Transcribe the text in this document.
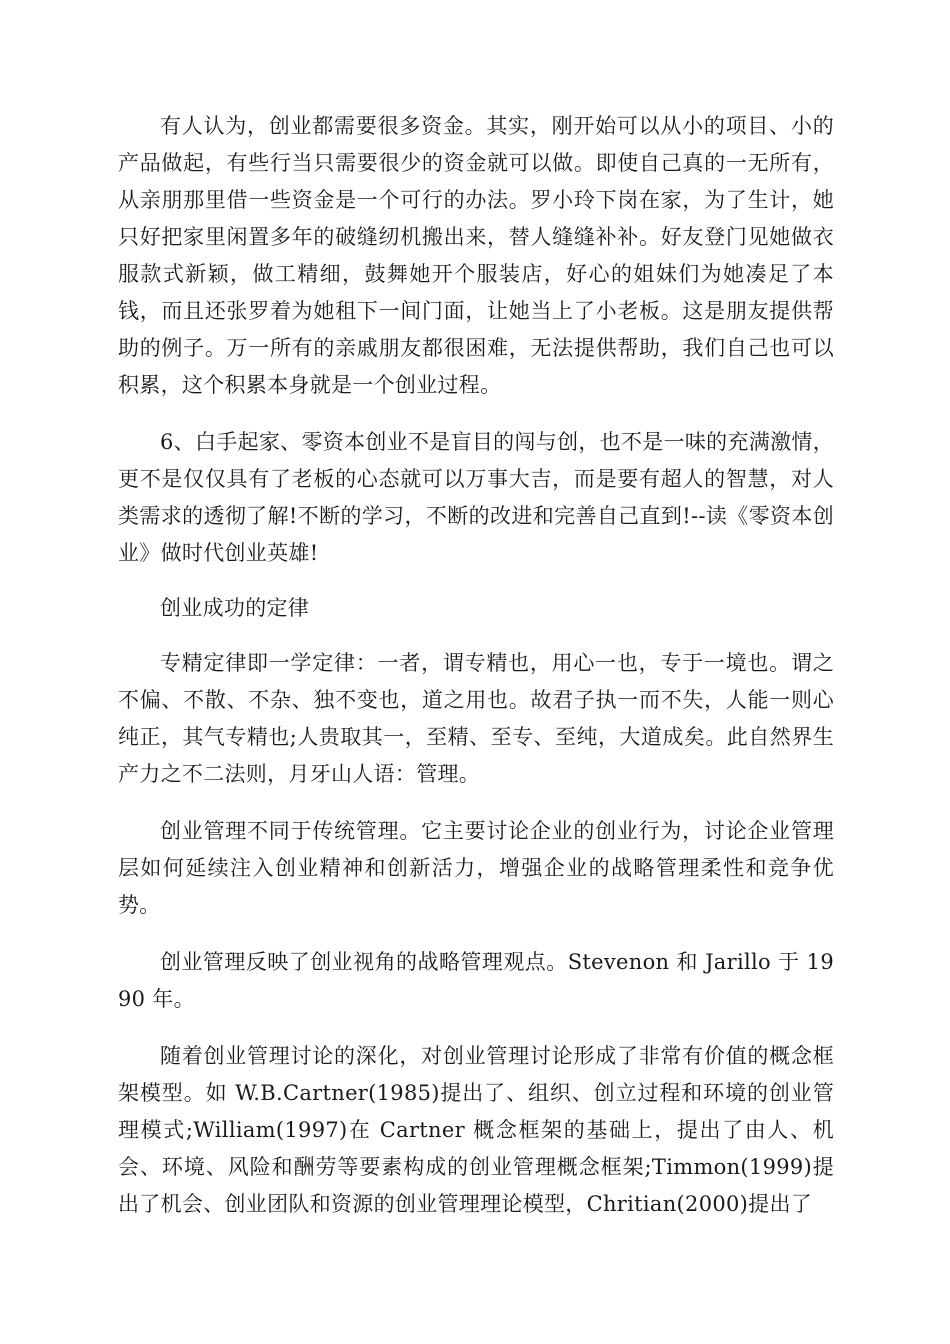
有人认为，创业都需要很多资金。其实，刚开始可以从小的项目、小的产品做起，有些行当只需要很少的资金就可以做。即使自己真的一无所有，从亲朋那里借一些资金是一个可行的办法。罗小玲下岗在家，为了生计，她只好把家里闲置多年的破缝纫机搬出来，替人缝缝补补。好友登门见她做衣服款式新颖，做工精细，鼓舞她开个服装店，好心的姐妹们为她凑足了本钱，而且还张罗着为她租下一间门面，让她当上了小老板。这是朋友提供帮助的例子。万一所有的亲戚朋友都很困难，无法提供帮助，我们自己也可以积累，这个积累本身就是一个创业过程。

6、白手起家、零资本创业不是盲目的闯与创，也不是一味的充满激情，更不是仅仅具有了老板的心态就可以万事大吉，而是要有超人的智慧，对人类需求的透彻了解!不断的学习，不断的改进和完善自己直到!--读《零资本创业》做时代创业英雄!

创业成功的定律

专精定律即一学定律：一者，谓专精也，用心一也，专于一境也。谓之不偏、不散、不杂、独不变也，道之用也。故君子执一而不失，人能一则心纯正，其气专精也;人贵取其一，至精、至专、至纯，大道成矣。此自然界生产力之不二法则，月牙山人语：管理。

创业管理不同于传统管理。它主要讨论企业的创业行为，讨论企业管理层如何延续注入创业精神和创新活力，增强企业的战略管理柔性和竞争优势。

创业管理反映了创业视角的战略管理观点。Stevenon 和 Jarillo 于 1990 年。

随着创业管理讨论的深化，对创业管理讨论形成了非常有价值的概念框架模型。如 W.B.Cartner(1985)提出了、组织、创立过程和环境的创业管理模式;William(1997)在 Cartner 概念框架的基础上，提出了由人、机会、环境、风险和酬劳等要素构成的创业管理概念框架;Timmon(1999)提出了机会、创业团队和资源的创业管理理论模型，Chritian(2000)提出了
